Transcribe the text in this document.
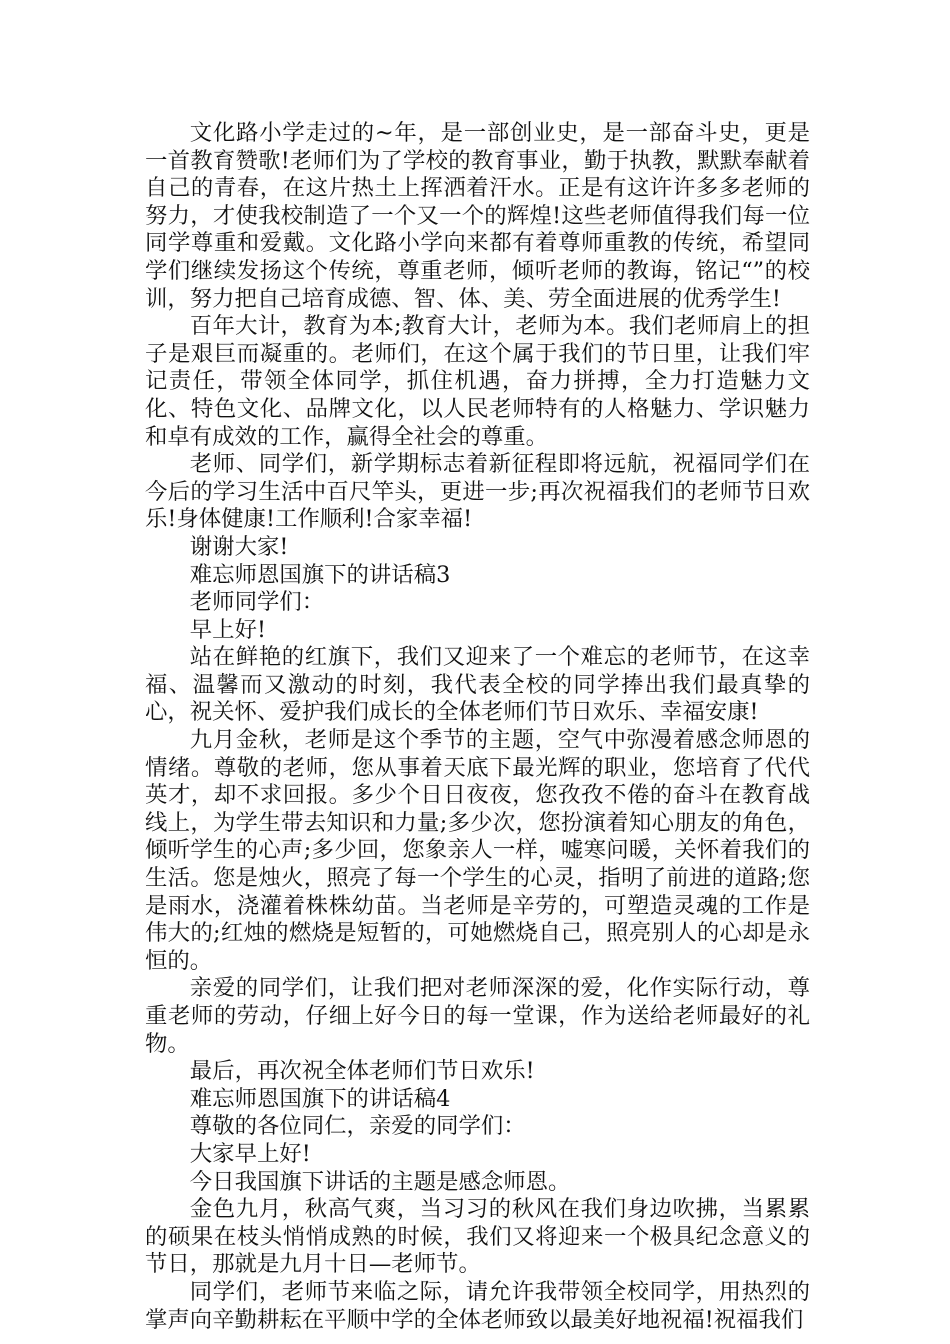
文化路小学走过的~年，是一部创业史，是一部奋斗史，更是一首教育赞歌!老师们为了学校的教育事业，勤于执教，默默奉献着自己的青春，在这片热土上挥洒着汗水。正是有这许许多多老师的努力，才使我校制造了一个又一个的辉煌!这些老师值得我们每一位同学尊重和爱戴。文化路小学向来都有着尊师重教的传统，希望同学们继续发扬这个传统，尊重老师，倾听老师的教诲，铭记“”的校训，努力把自己培育成德、智、体、美、劳全面进展的优秀学生!

百年大计，教育为本;教育大计，老师为本。我们老师肩上的担子是艰巨而凝重的。老师们，在这个属于我们的节日里，让我们牢记责任，带领全体同学，抓住机遇，奋力拼搏，全力打造魅力文化、特色文化、品牌文化，以人民老师特有的人格魅力、学识魅力和卓有成效的工作，赢得全社会的尊重。

老师、同学们，新学期标志着新征程即将远航，祝福同学们在今后的学习生活中百尺竿头，更进一步;再次祝福我们的老师节日欢乐!身体健康!工作顺利!合家幸福!

谢谢大家!

难忘师恩国旗下的讲话稿3

老师同学们：

早上好!

站在鲜艳的红旗下，我们又迎来了一个难忘的老师节，在这幸福、温馨而又激动的时刻，我代表全校的同学捧出我们最真挚的心，祝关怀、爱护我们成长的全体老师们节日欢乐、幸福安康!

九月金秋，老师是这个季节的主题，空气中弥漫着感念师恩的情绪。尊敬的老师，您从事着天底下最光辉的职业，您培育了代代英才，却不求回报。多少个日日夜夜，您孜孜不倦的奋斗在教育战线上，为学生带去知识和力量;多少次，您扮演着知心朋友的角色，倾听学生的心声;多少回，您象亲人一样，嘘寒问暖，关怀着我们的生活。您是烛火，照亮了每一个学生的心灵，指明了前进的道路;您是雨水，浇灌着株株幼苗。当老师是辛劳的，可塑造灵魂的工作是伟大的;红烛的燃烧是短暂的，可她燃烧自己，照亮别人的心却是永恒的。

亲爱的同学们，让我们把对老师深深的爱，化作实际行动，尊重老师的劳动，仔细上好今日的每一堂课，作为送给老师最好的礼物。

最后，再次祝全体老师们节日欢乐!

难忘师恩国旗下的讲话稿4

尊敬的各位同仁，亲爱的同学们：

大家早上好!

今日我国旗下讲话的主题是感念师恩。

金色九月，秋高气爽，当习习的秋风在我们身边吹拂，当累累的硕果在枝头悄悄成熟的时候，我们又将迎来一个极具纪念意义的节日，那就是九月十日—老师节。

同学们，老师节来临之际，请允许我带领全校同学，用热烈的掌声向辛勤耕耘在平顺中学的全体老师致以最美好地祝福!祝福我们
